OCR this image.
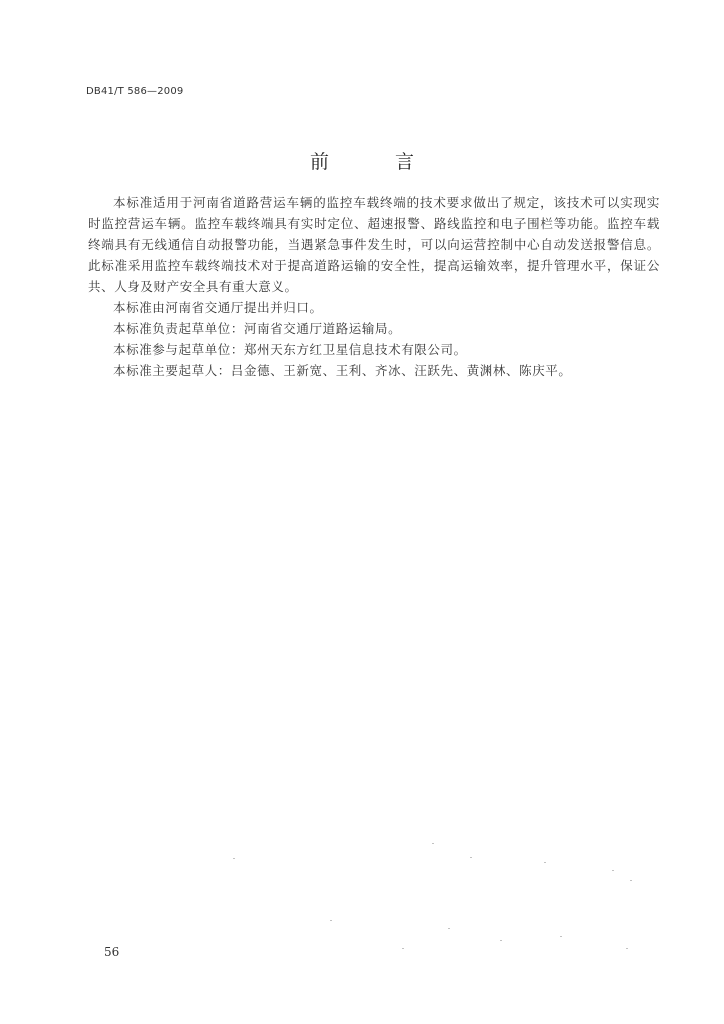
DB41/T 586—2009
前 言

本标准适用于河南省道路营运车辆的监控车载终端的技术要求做出了规定，该技术可以实现实时监控营运车辆。监控车载终端具有实时定位、超速报警、路线监控和电子围栏等功能。监控车载终端具有无线通信自动报警功能，当遇紧急事件发生时，可以向运营控制中心自动发送报警信息。此标准采用监控车载终端技术对于提高道路运输的安全性，提高运输效率，提升管理水平，保证公共、人身及财产安全具有重大意义。

本标准由河南省交通厅提出并归口。

本标准负责起草单位：河南省交通厅道路运输局。

本标准参与起草单位：郑州天东方红卫星信息技术有限公司。

本标准主要起草人：吕金德、王新宽、王利、齐冰、汪跃先、黄渊林、陈庆平。

56
